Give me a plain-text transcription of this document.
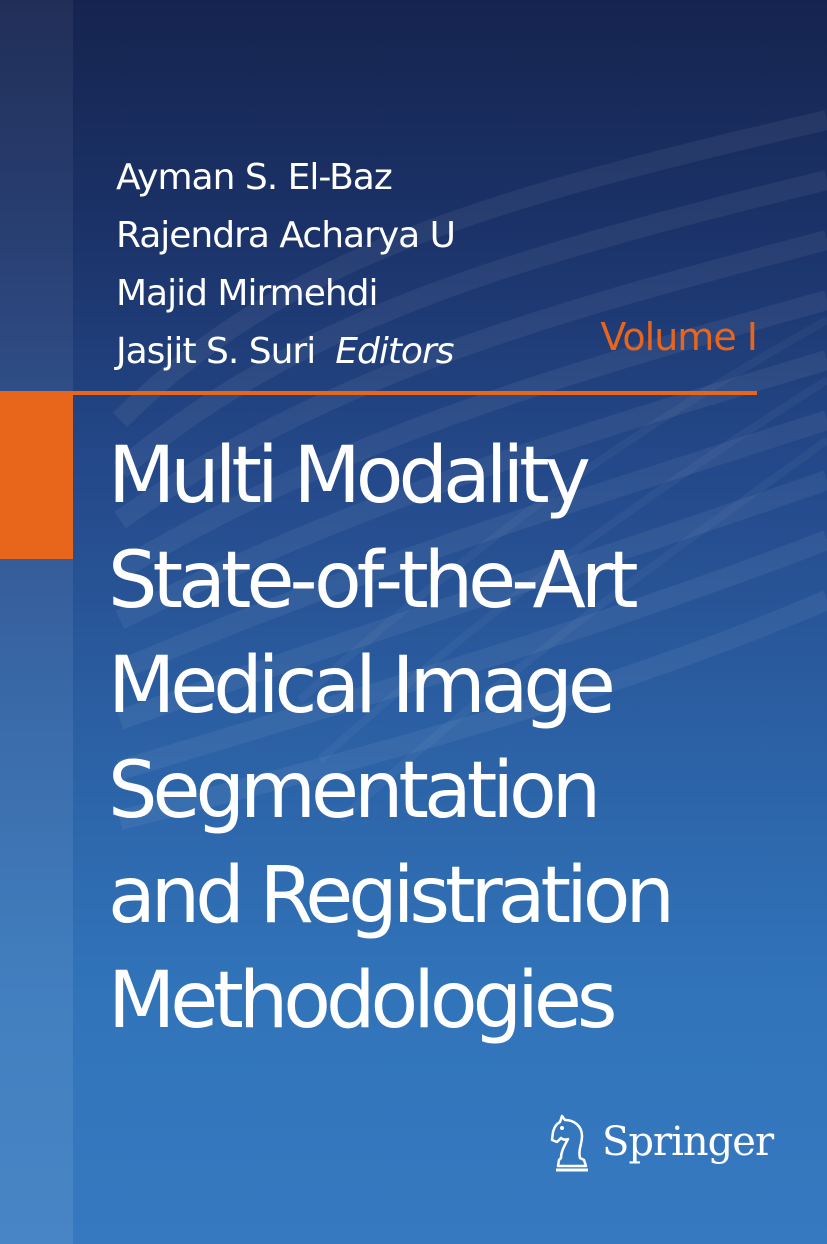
Ayman S. El-Baz
Rajendra Acharya U
Majid Mirmehdi
Jasjit S. Suri Editors	Volume I
Multi Modality
State-of-the-Art
Medical Image
Segmentation
and Registration
Methodologies
Springer
